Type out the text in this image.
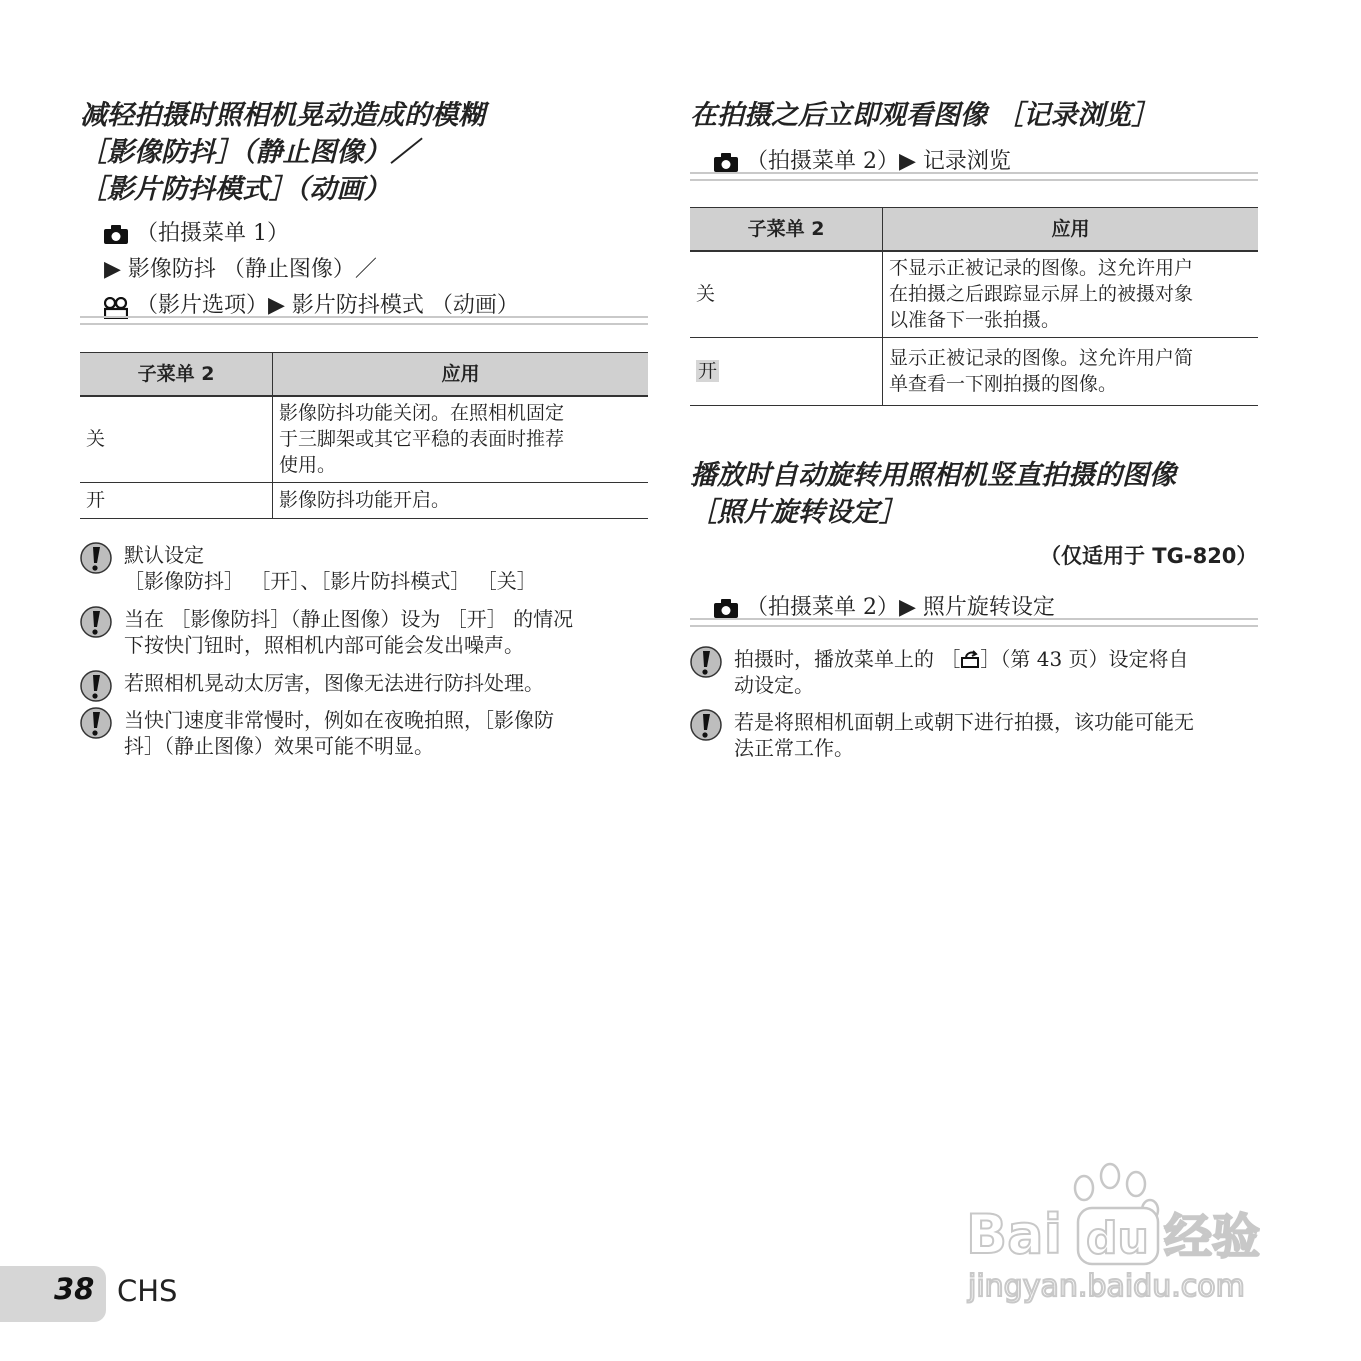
减轻拍摄时照相机晃动造成的模糊
［影像防抖］（静止图像）／
［影片防抖模式］（动画）
（拍摄菜单 1）
▶ 影像防抖 （静止图像）／
（影片选项）▶ 影片防抖模式 （动画）
子菜单 2	应用
关	影像防抖功能关闭。在照相机固定
于三脚架或其它平稳的表面时推荐
使用。

开	影像防抖功能开启。
默认设定
［影像防抖］ ［开］、［影片防抖模式］ ［关］
当在 ［影像防抖］（静止图像）设为 ［开］ 的情况
下按快门钮时，照相机内部可能会发出噪声。
若照相机晃动太厉害，图像无法进行防抖处理。
当快门速度非常慢时，例如在夜晚拍照，［影像防
抖］（静止图像）效果可能不明显。
在拍摄之后立即观看图像 ［记录浏览］
（拍摄菜单 2）▶ 记录浏览
子菜单 2	应用
关	不显示正被记录的图像。这允许用户
在拍摄之后跟踪显示屏上的被摄对象
以准备下一张拍摄。

开	显示正被记录的图像。这允许用户简
单查看一下刚拍摄的图像。
播放时自动旋转用照相机竖直拍摄的图像
［照片旋转设定］
（仅适用于 TG-820）
（拍摄菜单 2）▶ 照片旋转设定
拍摄时，播放菜单上的 ［ ］（第 43 页）设定将自
动设定。
若是将照相机面朝上或朝下进行拍摄，该功能可能无
法正常工作。
38 CHS
Bai du 经验
jingyan.baidu.com
